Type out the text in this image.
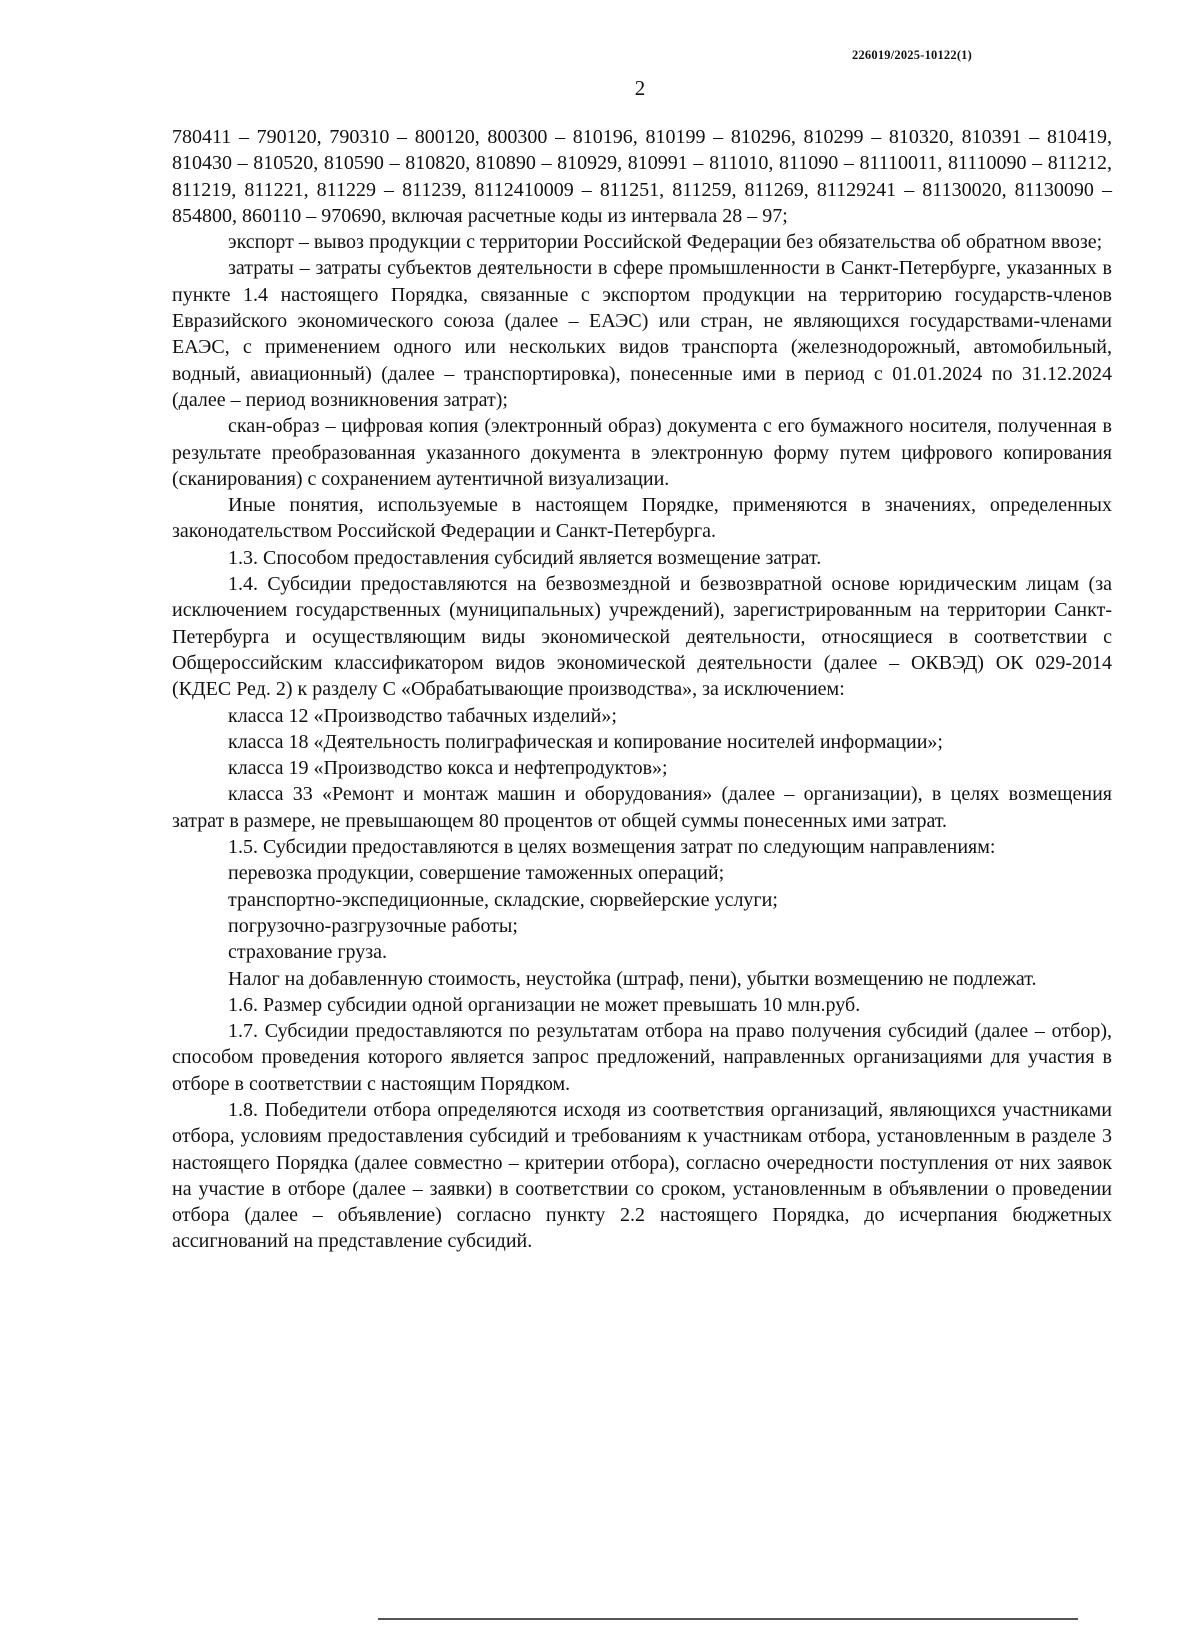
226019/2025-10122(1)
2

780411 – 790120, 790310 – 800120, 800300 – 810196, 810199 – 810296, 810299 – 810320, 810391 – 810419, 810430 – 810520, 810590 – 810820, 810890 – 810929, 810991 – 811010, 811090 – 81110011, 81110090 – 811212, 811219, 811221, 811229 – 811239, 8112410009 – 811251, 811259, 811269, 81129241 – 81130020, 81130090 – 854800, 860110 – 970690, включая расчетные коды из интервала 28 – 97;

экспорт – вывоз продукции с территории Российской Федерации без обязательства об обратном ввозе;

затраты – затраты субъектов деятельности в сфере промышленности в Санкт-Петербурге, указанных в пункте 1.4 настоящего Порядка, связанные с экспортом продукции на территорию государств-членов Евразийского экономического союза (далее – ЕАЭС) или стран, не являющихся государствами-членами ЕАЭС, с применением одного или нескольких видов транспорта (железнодорожный, автомобильный, водный, авиационный) (далее – транспортировка), понесенные ими в период с 01.01.2024 по 31.12.2024 (далее – период возникновения затрат);

скан-образ – цифровая копия (электронный образ) документа с его бумажного носителя, полученная в результате преобразованная указанного документа в электронную форму путем цифрового копирования (сканирования) с сохранением аутентичной визуализации.

Иные понятия, используемые в настоящем Порядке, применяются в значениях, определенных законодательством Российской Федерации и Санкт-Петербурга.

1.3. Способом предоставления субсидий является возмещение затрат.

1.4. Субсидии предоставляются на безвозмездной и безвозвратной основе юридическим лицам (за исключением государственных (муниципальных) учреждений), зарегистрированным на территории Санкт-Петербурга и осуществляющим виды экономической деятельности, относящиеся в соответствии с Общероссийским классификатором видов экономической деятельности (далее – ОКВЭД) ОК 029-2014 (КДЕС Ред. 2) к разделу С «Обрабатывающие производства», за исключением:

класса 12 «Производство табачных изделий»;

класса 18 «Деятельность полиграфическая и копирование носителей информации»;

класса 19 «Производство кокса и нефтепродуктов»;

класса 33 «Ремонт и монтаж машин и оборудования» (далее – организации), в целях возмещения затрат в размере, не превышающем 80 процентов от общей суммы понесенных ими затрат.

1.5. Субсидии предоставляются в целях возмещения затрат по следующим направлениям:

перевозка продукции, совершение таможенных операций;

транспортно-экспедиционные, складские, сюрвейерские услуги;

погрузочно-разгрузочные работы;

страхование груза.

Налог на добавленную стоимость, неустойка (штраф, пени), убытки возмещению не подлежат.

1.6. Размер субсидии одной организации не может превышать 10 млн.руб.

1.7. Субсидии предоставляются по результатам отбора на право получения субсидий (далее – отбор), способом проведения которого является запрос предложений, направленных организациями для участия в отборе в соответствии с настоящим Порядком.

1.8. Победители отбора определяются исходя из соответствия организаций, являющихся участниками отбора, условиям предоставления субсидий и требованиям к участникам отбора, установленным в разделе 3 настоящего Порядка (далее совместно – критерии отбора), согласно очередности поступления от них заявок на участие в отборе (далее – заявки) в соответствии со сроком, установленным в объявлении о проведении отбора (далее – объявление) согласно пункту 2.2 настоящего Порядка, до исчерпания бюджетных ассигнований на представление субсидий.
